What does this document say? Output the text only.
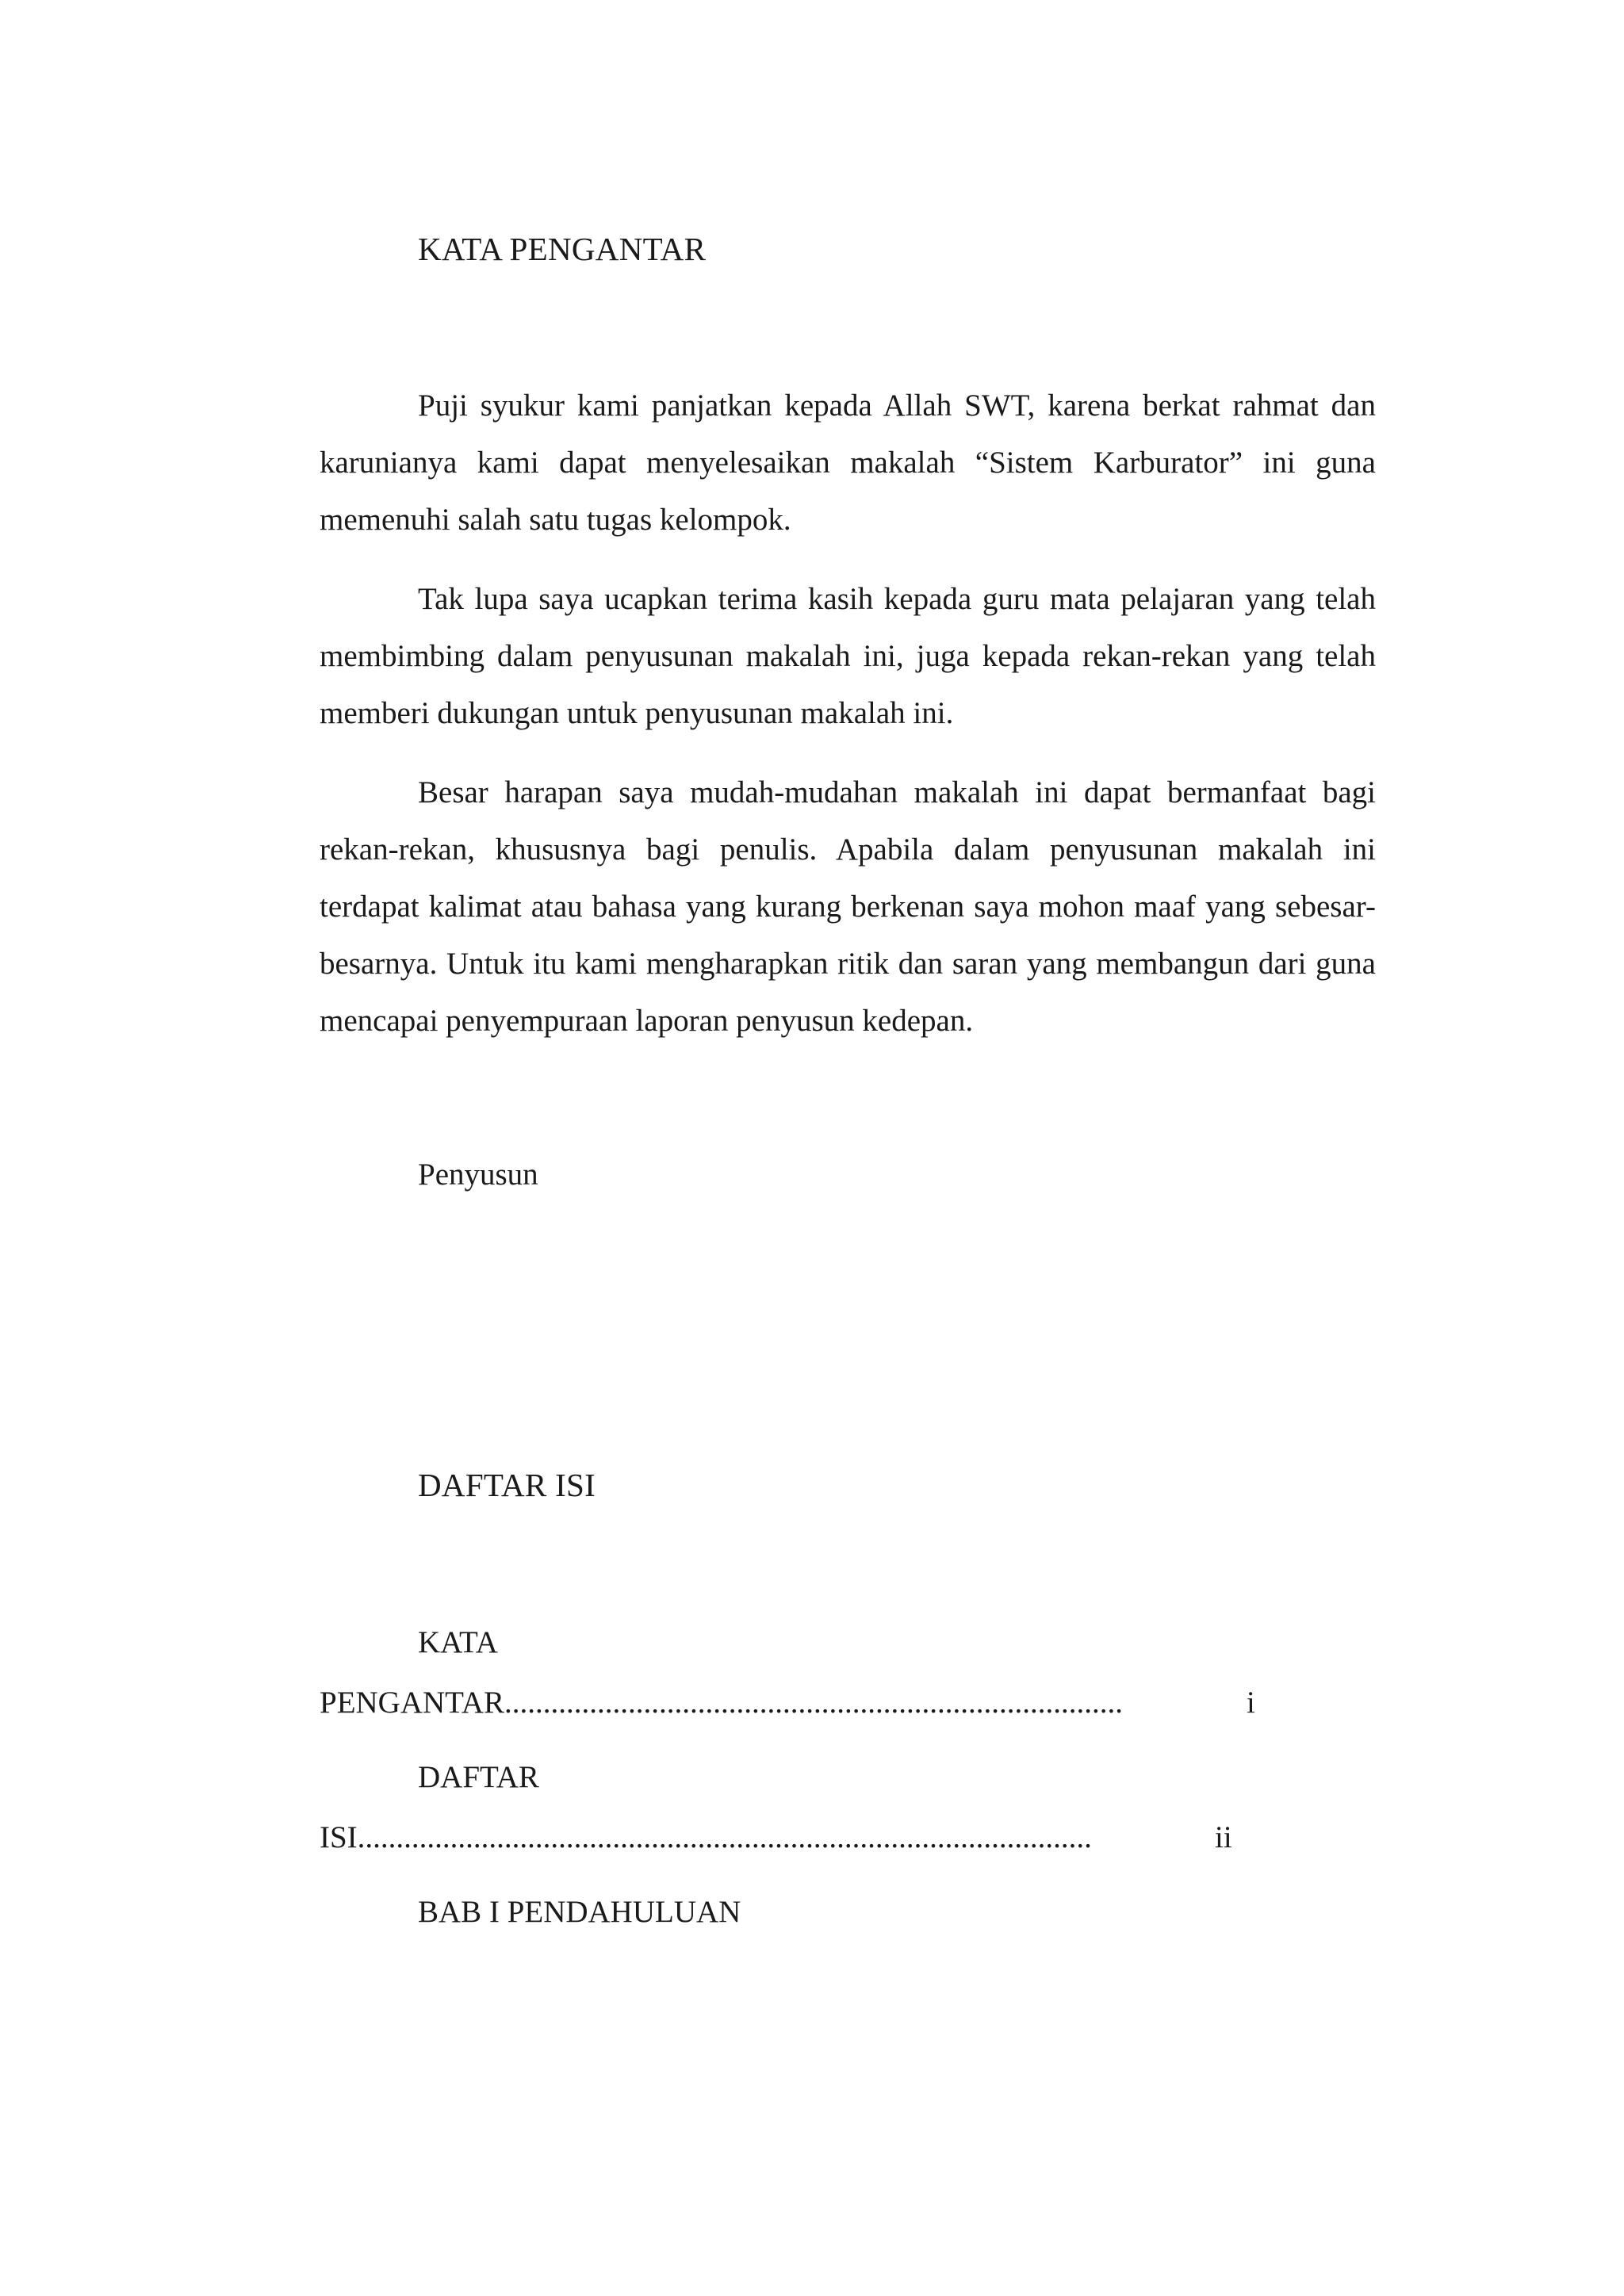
KATA PENGANTAR

Puji syukur kami panjatkan kepada Allah SWT, karena berkat rahmat dan karunianya kami dapat menyelesaikan makalah “Sistem Karburator” ini guna memenuhi salah satu tugas kelompok.

Tak lupa saya ucapkan terima kasih kepada guru mata pelajaran yang telah membimbing dalam penyusunan makalah ini, juga kepada rekan-rekan yang telah memberi dukungan untuk penyusunan makalah ini.

Besar harapan saya mudah-mudahan makalah ini dapat bermanfaat bagi rekan-rekan, khususnya bagi penulis. Apabila dalam penyusunan makalah ini terdapat kalimat atau bahasa yang kurang berkenan saya mohon maaf yang sebesar-besarnya. Untuk itu kami mengharapkan ritik dan saran yang membangun dari guna mencapai penyempuraan laporan penyusun kedepan.

Penyusun
DAFTAR ISI
KATA
PENGANTAR................................................................................	i
DAFTAR
ISI...............................................................................................	ii
BAB I PENDAHULUAN
